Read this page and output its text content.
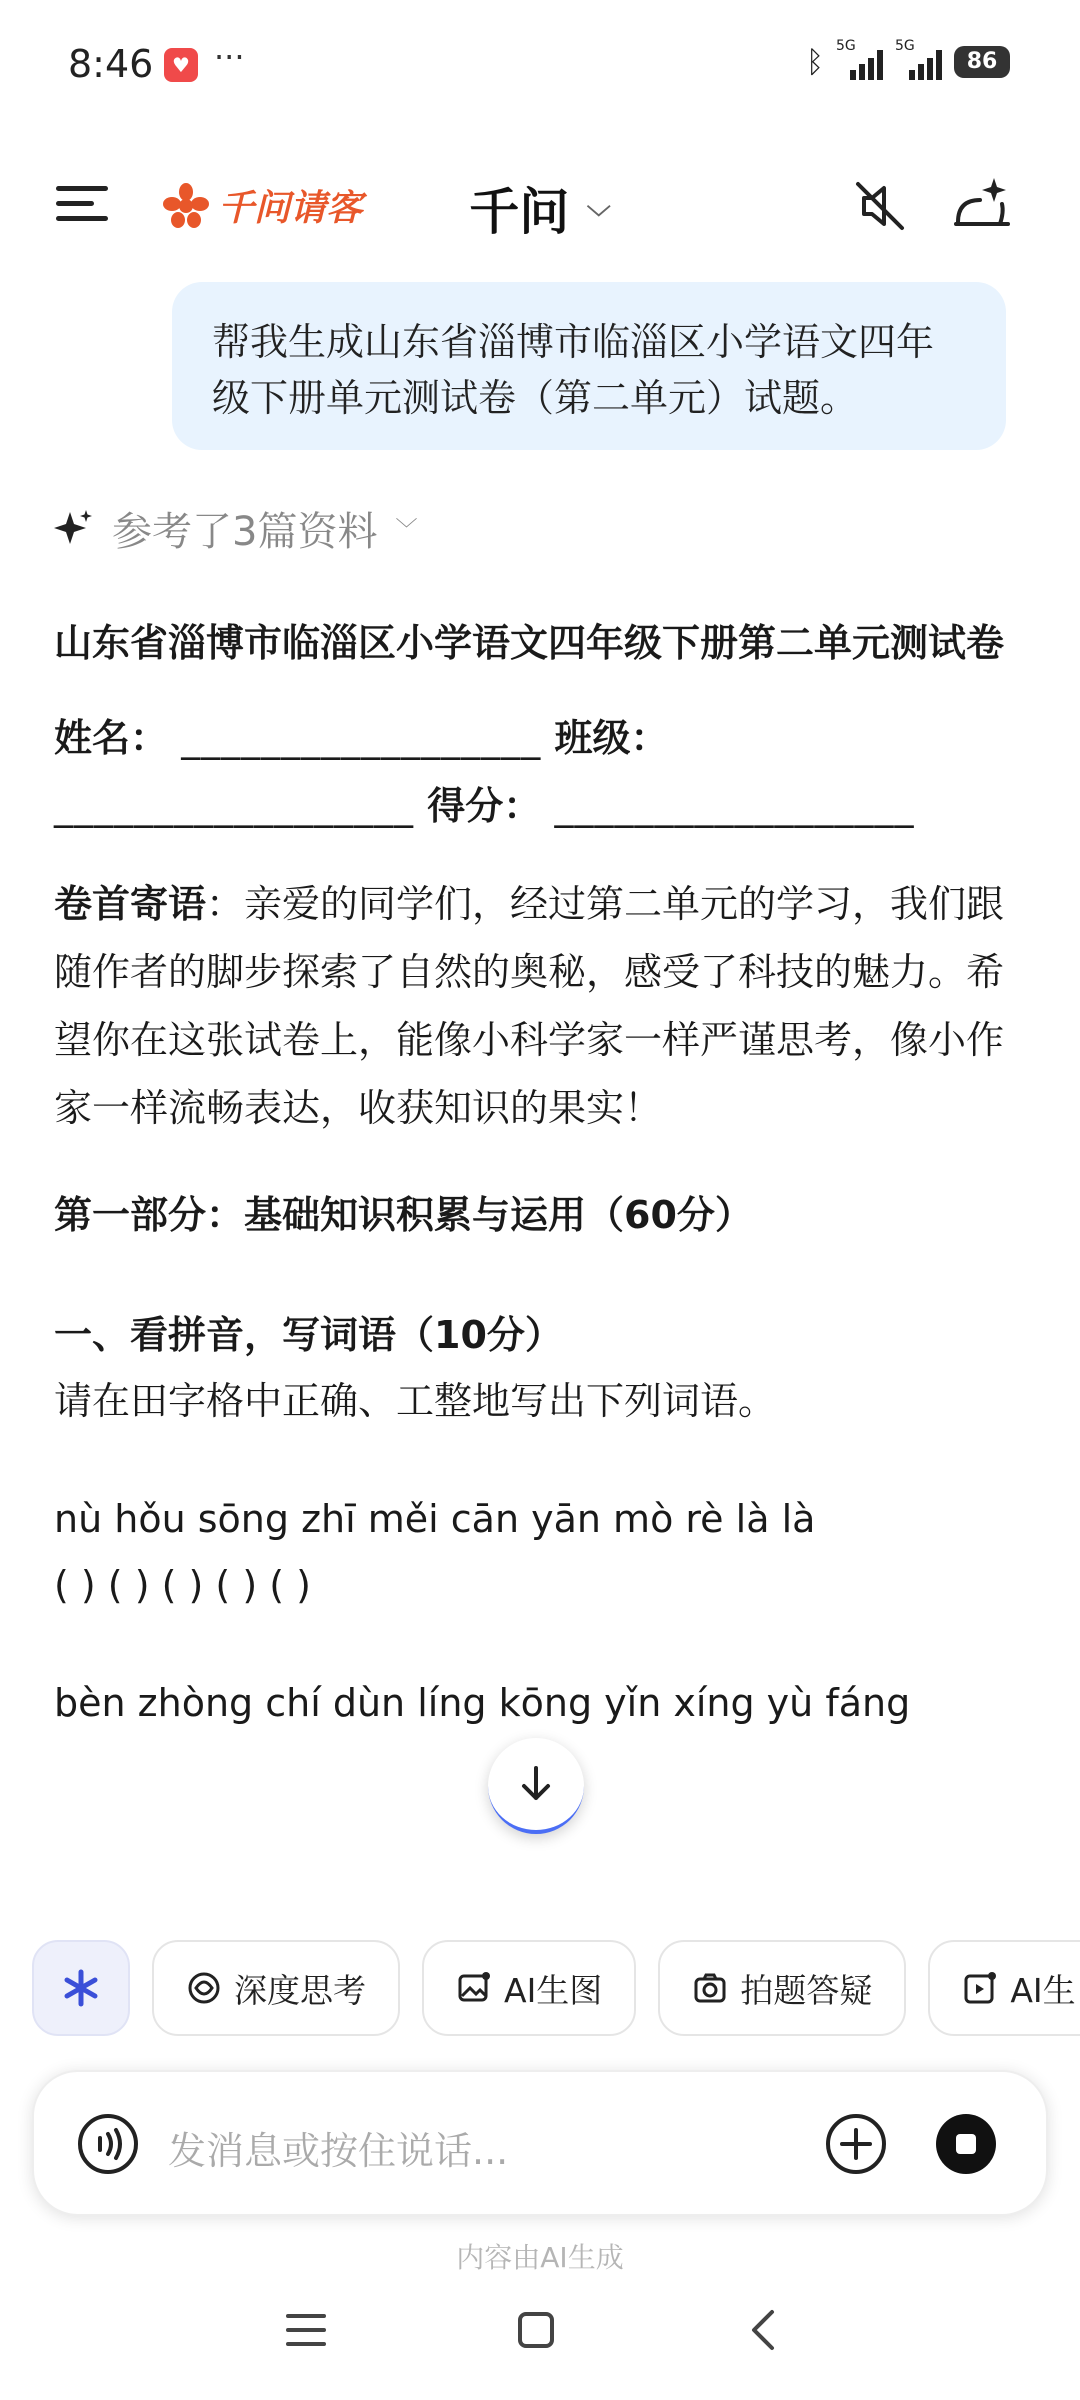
8:46 ♥ ···	ᛒ 5G	5G
86
千问请客	千问 ﹀
帮我生成山东省淄博市临淄区小学语文四年级下册单元测试卷（第二单元）试题。
参考了3篇资料 ﹀
山东省淄博市临淄区小学语文四年级下册第二单元测试卷
姓名： __________________ 班级： __________________ 得分： __________________
卷首寄语：亲爱的同学们，经过第二单元的学习，我们跟随作者的脚步探索了自然的奥秘，感受了科技的魅力。希望你在这张试卷上，能像小科学家一样严谨思考，像小作家一样流畅表达，收获知识的果实！
第一部分：基础知识积累与运用（60分）
一、看拼音，写词语（10分）
请在田字格中正确、工整地写出下列词语。
nù hǒu sōng zhī měi cān yān mò rè là là
( ) ( ) ( ) ( ) ( )
bèn zhòng chí dùn líng kōng yǐn xíng yù fáng
深度思考	AI生图	拍题答疑	AI生
发消息或按住说话...
内容由AI生成
